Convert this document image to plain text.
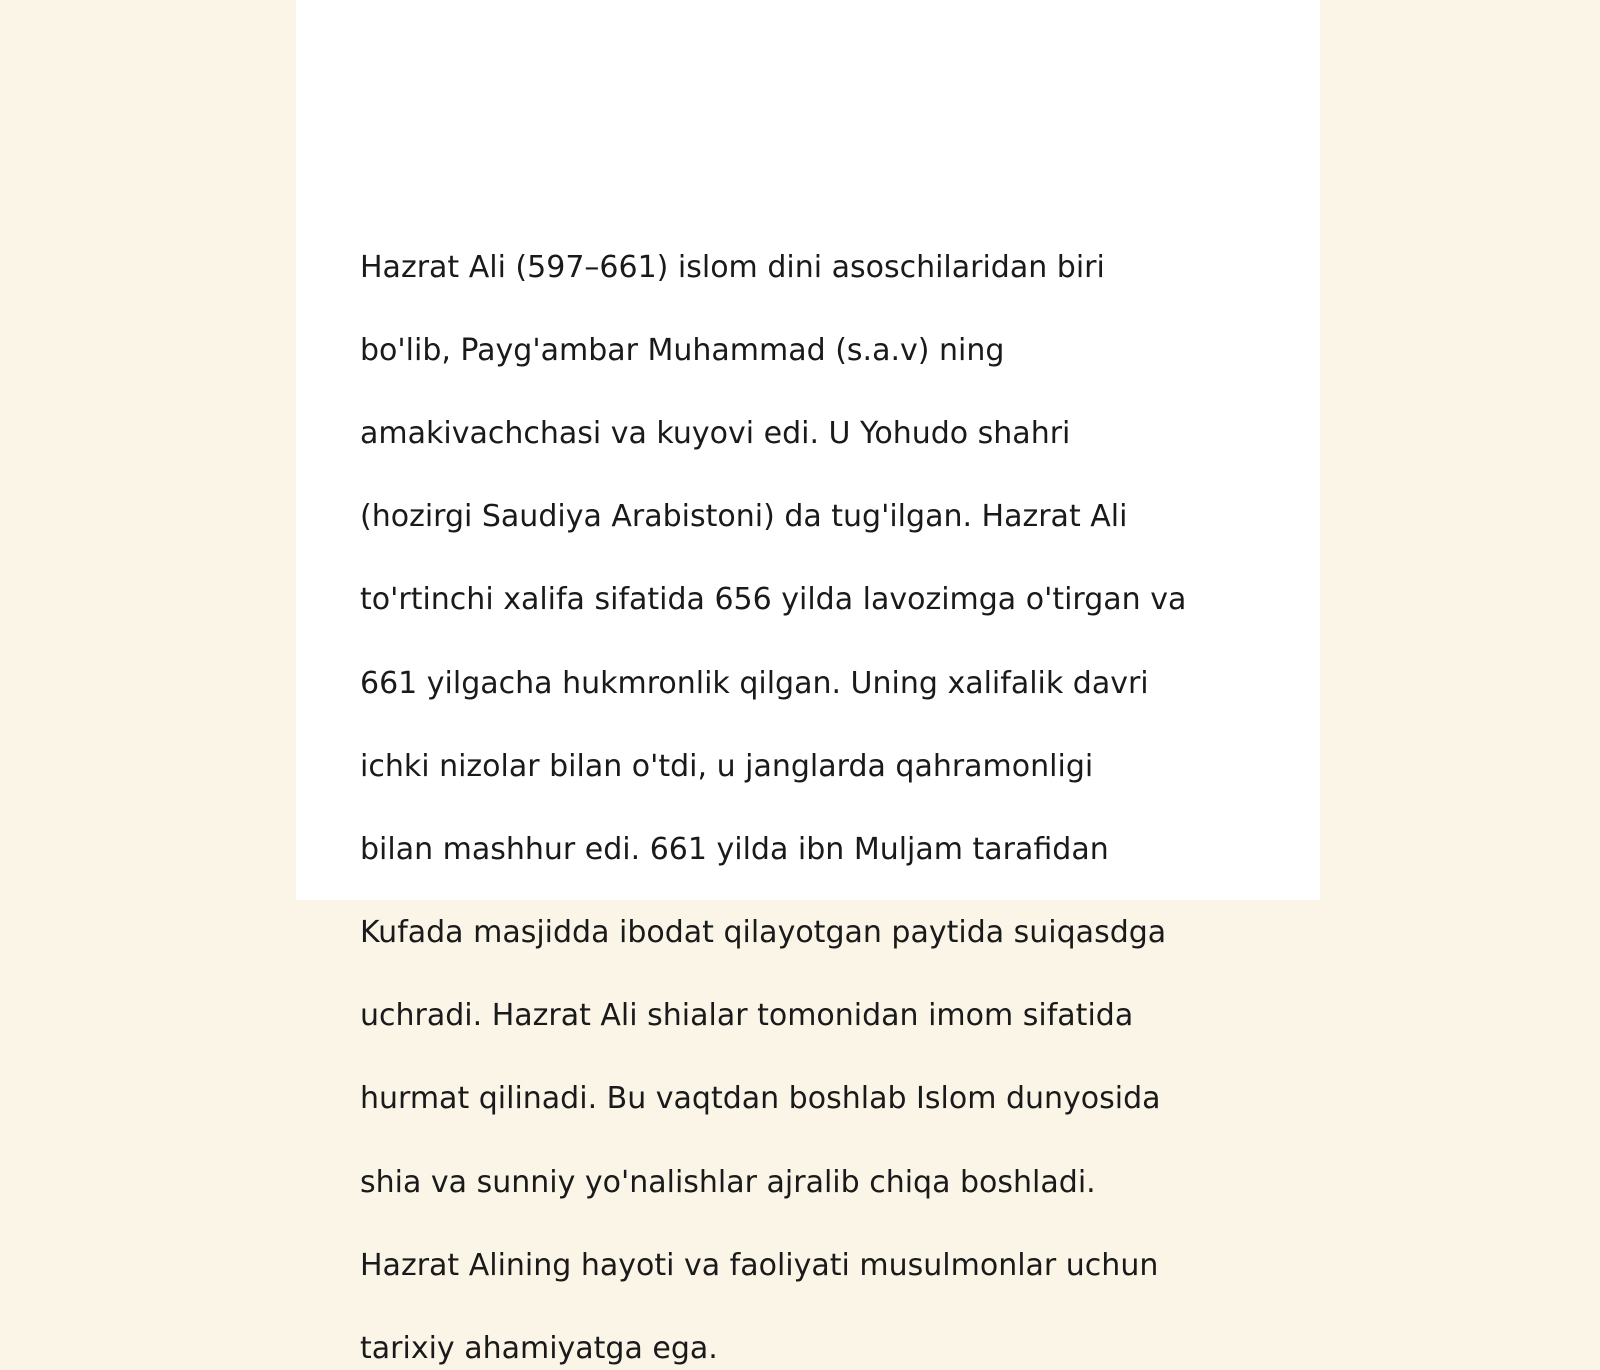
Hazrat Ali (597–661) islom dini asoschilaridan biri

bo'lib, Payg'ambar Muhammad (s.a.v) ning

amakivachchasi va kuyovi edi. U Yohudo shahri

(hozirgi Saudiya Arabistoni) da tug'ilgan. Hazrat Ali

to'rtinchi xalifa sifatida 656 yilda lavozimga o'tirgan va

661 yilgacha hukmronlik qilgan. Uning xalifalik davri

ichki nizolar bilan o'tdi, u janglarda qahramonligi

bilan mashhur edi. 661 yilda ibn Muljam tarafidan

Kufada masjidda ibodat qilayotgan paytida suiqasdga

uchradi. Hazrat Ali shialar tomonidan imom sifatida

hurmat qilinadi. Bu vaqtdan boshlab Islom dunyosida

shia va sunniy yo'nalishlar ajralib chiqa boshladi.

Hazrat Alining hayoti va faoliyati musulmonlar uchun

tarixiy ahamiyatga ega.
